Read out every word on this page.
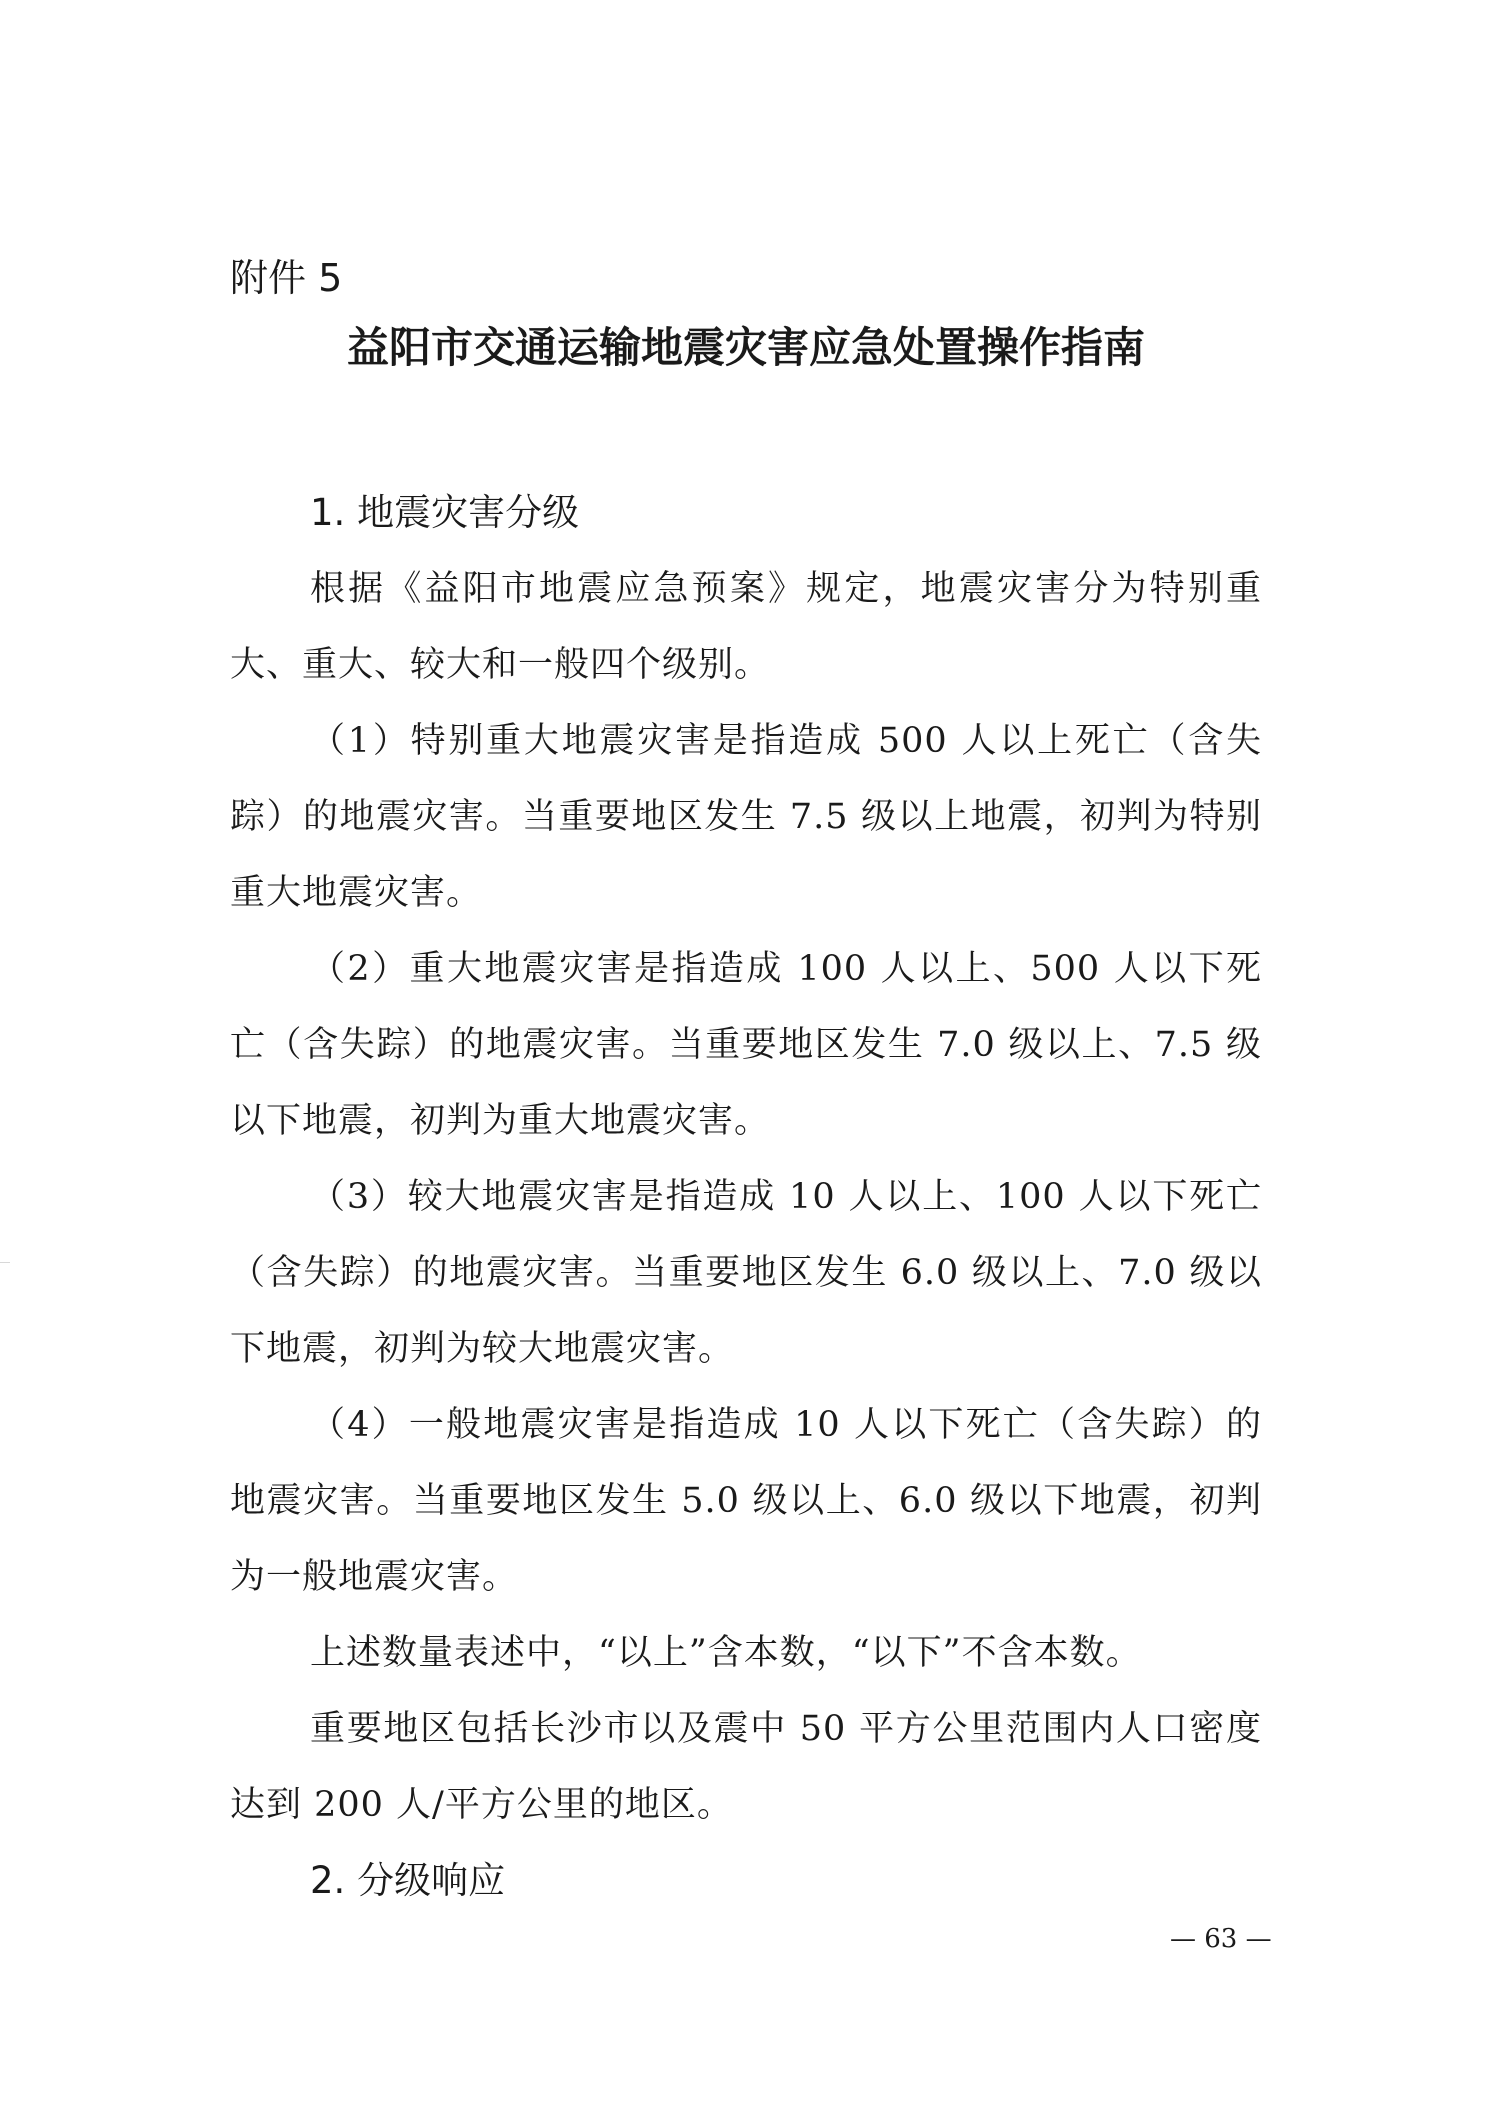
附件 5
益阳市交通运输地震灾害应急处置操作指南
1. 地震灾害分级

根据《益阳市地震应急预案》规定，地震灾害分为特别重大、重大、较大和一般四个级别。

（1）特别重大地震灾害是指造成 500 人以上死亡（含失踪）的地震灾害。当重要地区发生 7.5 级以上地震，初判为特别重大地震灾害。

（2）重大地震灾害是指造成 100 人以上、500 人以下死亡（含失踪）的地震灾害。当重要地区发生 7.0 级以上、7.5 级以下地震，初判为重大地震灾害。

（3）较大地震灾害是指造成 10 人以上、100 人以下死亡（含失踪）的地震灾害。当重要地区发生 6.0 级以上、7.0 级以下地震，初判为较大地震灾害。

（4）一般地震灾害是指造成 10 人以下死亡（含失踪）的地震灾害。当重要地区发生 5.0 级以上、6.0 级以下地震，初判为一般地震灾害。

上述数量表述中，“以上”含本数，“以下”不含本数。

重要地区包括长沙市以及震中 50 平方公里范围内人口密度达到 200 人/平方公里的地区。

2. 分级响应
— 63 —
